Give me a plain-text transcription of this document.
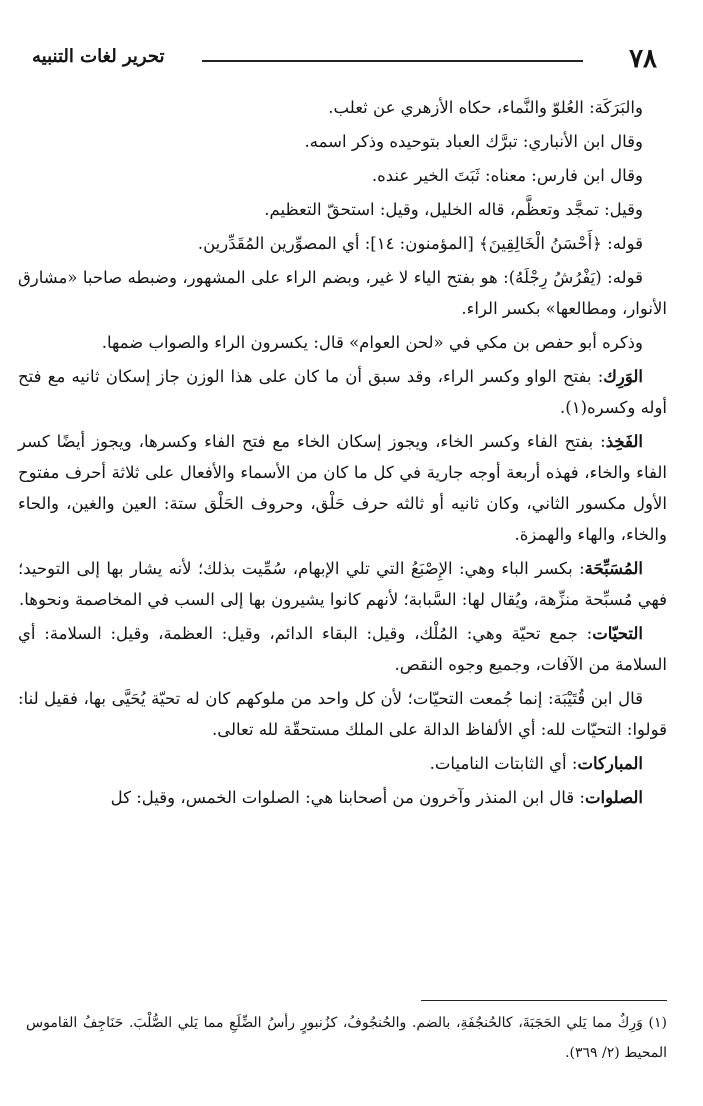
٧٨
تحرير لغات التنبيه

والبَرَكَة: العُلوّ والنَّماء، حكاه الأزهري عن ثعلب.

وقال ابن الأنباري: تبرَّك العباد بتوحيده وذكر اسمه.

وقال ابن فارس: معناه: ثَبَتَ الخير عنده.

وقيل: تمجَّد وتعظَّم، قاله الخليل، وقيل: استحقّ التعظيم.

قوله: ﴿أَحْسَنُ الْخَالِقِينَ﴾ [المؤمنون: ١٤]: أي المصوِّرين المُقَدِّرين.

قوله: (يَفْرُشُ رِجْلَهُ): هو بفتح الياء لا غير، وبضم الراء على المشهور، وضبطه صاحبا «مشارق الأنوار، ومطالعها» بكسر الراء.

وذكره أبو حفص بن مكي في «لحن العوام» قال: يكسرون الراء والصواب ضمها.

الوَرِك: بفتح الواو وكسر الراء، وقد سبق أن ما كان على هذا الوزن جاز إسكان ثانيه مع فتح أوله وكسره(١).

الفَخِذ: بفتح الفاء وكسر الخاء، ويجوز إسكان الخاء مع فتح الفاء وكسرها، ويجوز أيضًا كسر الفاء والخاء، فهذه أربعة أوجه جارية في كل ما كان من الأسماء والأفعال على ثلاثة أحرف مفتوح الأول مكسور الثاني، وكان ثانيه أو ثالثه حرف حَلْق، وحروف الحَلْق ستة: العين والغين، والحاء والخاء، والهاء والهمزة.

المُسَبِّحَة: بكسر الباء وهي: الإِصْبَعُ التي تلي الإبهام، سُمِّيت بذلك؛ لأنه يشار بها إلى التوحيد؛ فهي مُسبِّحة منزِّهة، ويُقال لها: السَّبابة؛ لأنهم كانوا يشيرون بها إلى السب في المخاصمة ونحوها.

التحيّات: جمع تحيّة وهي: المُلْك، وقيل: البقاء الدائم، وقيل: العظمة، وقيل: السلامة: أي السلامة من الآفات، وجميع وجوه النقص.

قال ابن قُتَيْبَة: إنما جُمعت التحيّات؛ لأن كل واحد من ملوكهم كان له تحيّة يُحَيَّى بها، فقيل لنا: قولوا: التحيّات لله: أي الألفاظ الدالة على الملك مستحقّة لله تعالى.

المباركات: أي الثابتات الناميات.

الصلوات: قال ابن المنذر وآخرون من أصحابنا هي: الصلوات الخمس، وقيل: كل

(١) وَرِكٌ مما يَلي الحَجَبَةَ، كالحُنجُفَةِ، بالضم. والحُنجُوفُ، كزُنبورٍ رأسُ الضِّلَعِ مما يَلي الصُّلْبَ. حَنَاجِفُ القاموس المحيط (٢/ ٣٦٩).
